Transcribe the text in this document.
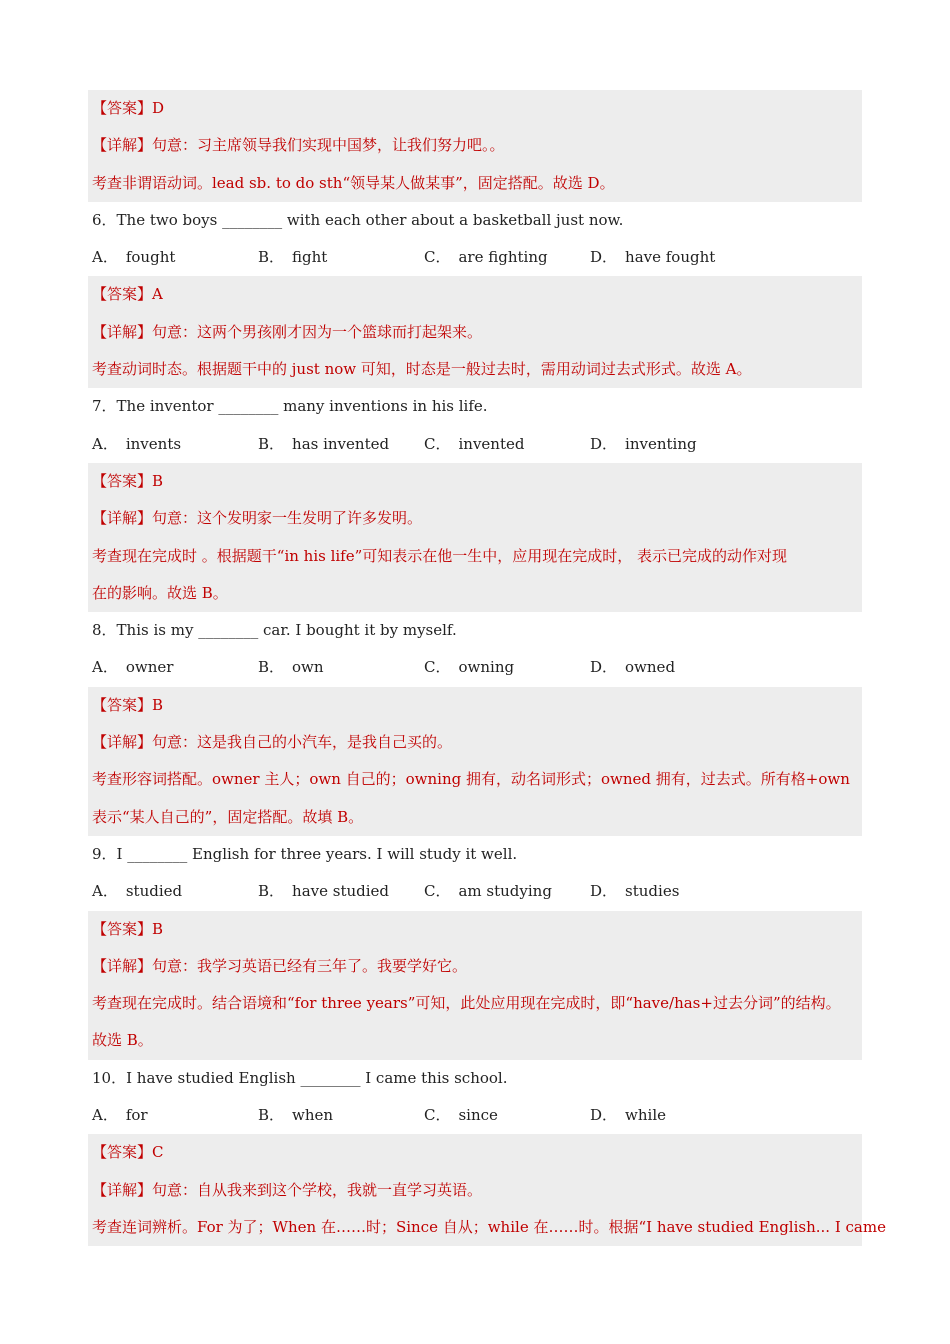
【答案】D
【详解】句意：习主席领导我们实现中国梦，让我们努力吧。。
考查非谓语动词。lead sb. to do sth“领导某人做某事”，固定搭配。故选 D。
6．The two boys ________ with each other about a basketball just now.
A． fought	B． fight	C． are fighting	D． have fought
【答案】A
【详解】句意：这两个男孩刚才因为一个篮球而打起架来。
考查动词时态。根据题干中的 just now 可知，时态是一般过去时，需用动词过去式形式。故选 A。
7．The inventor ________ many inventions in his life.
A． invents	B． has invented	C． invented	D． inventing
【答案】B
【详解】句意：这个发明家一生发明了许多发明。
考查现在完成时 。根据题干“in his life”可知表示在他一生中，应用现在完成时， 表示已完成的动作对现
在的影响。故选 B。
8．This is my ________ car. I bought it by myself.
A． owner	B． own	C． owning	D． owned
【答案】B
【详解】句意：这是我自己的小汽车，是我自己买的。
考查形容词搭配。owner 主人；own 自己的；owning 拥有，动名词形式；owned 拥有，过去式。所有格+own
表示“某人自己的”，固定搭配。故填 B。
9．I ________ English for three years. I will study it well.
A． studied	B． have studied	C． am studying	D． studies
【答案】B
【详解】句意：我学习英语已经有三年了。我要学好它。
考查现在完成时。结合语境和“for three years”可知，此处应用现在完成时，即“have/has+过去分词”的结构。
故选 B。
10．I have studied English ________ I came this school.
A． for	B． when	C． since	D． while
【答案】C
【详解】句意：自从我来到这个学校，我就一直学习英语。
考查连词辨析。For 为了；When 在……时；Since 自从；while 在……时。根据“I have studied English... I came
